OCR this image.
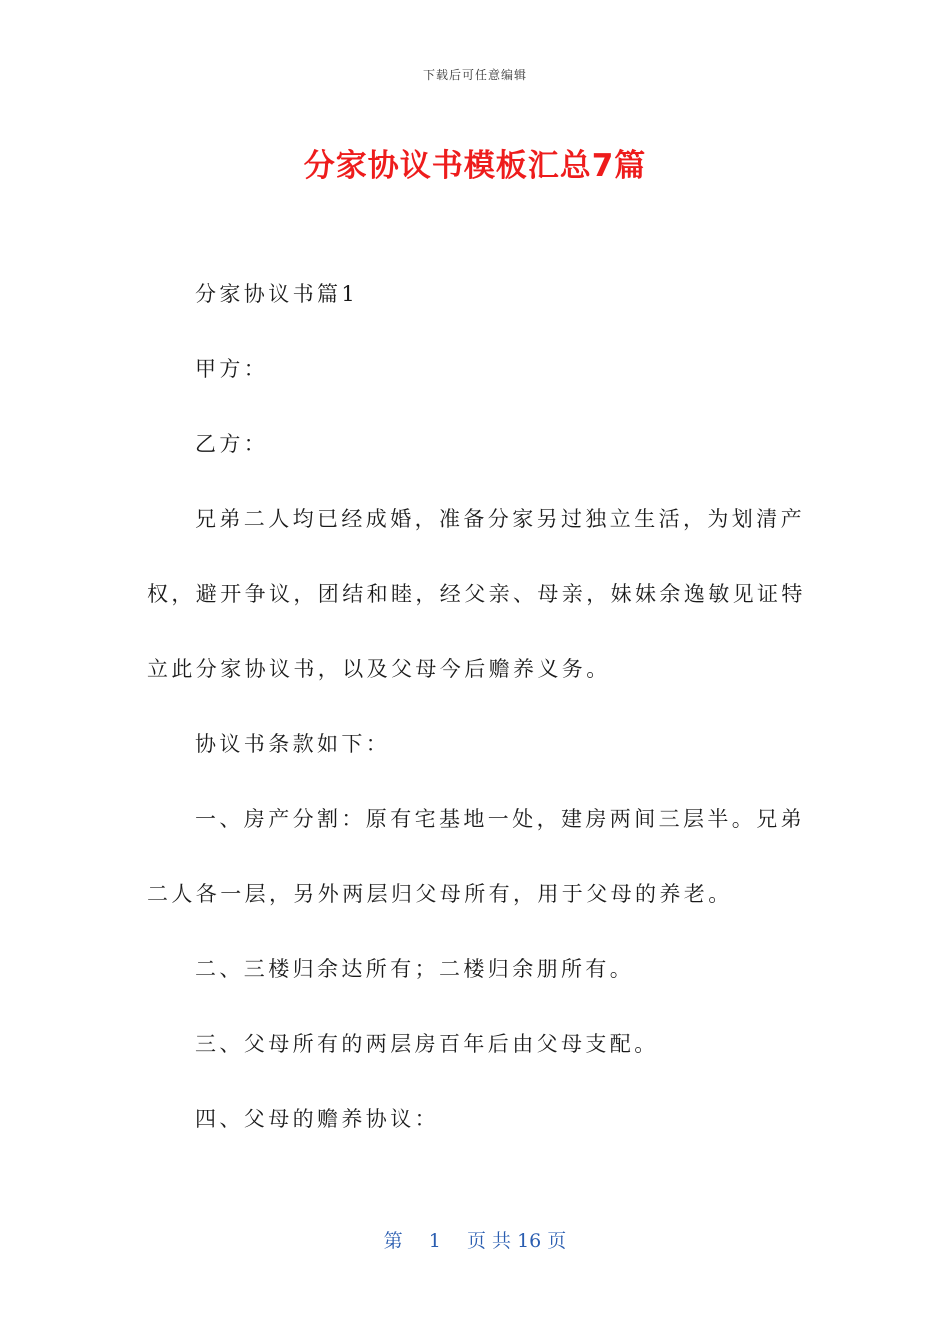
下载后可任意编辑
分家协议书模板汇总7篇

分家协议书篇1

甲方：

乙方：

兄弟二人均已经成婚，准备分家另过独立生活，为划清产权，避开争议，团结和睦，经父亲、母亲，妹妹余逸敏见证特立此分家协议书，以及父母今后赡养义务。

协议书条款如下：

一、房产分割：原有宅基地一处，建房两间三层半。兄弟二人各一层，另外两层归父母所有，用于父母的养老。

二、三楼归余达所有；二楼归余朋所有。

三、父母所有的两层房百年后由父母支配。

四、父母的赡养协议：

第 1 页 共 16 页
